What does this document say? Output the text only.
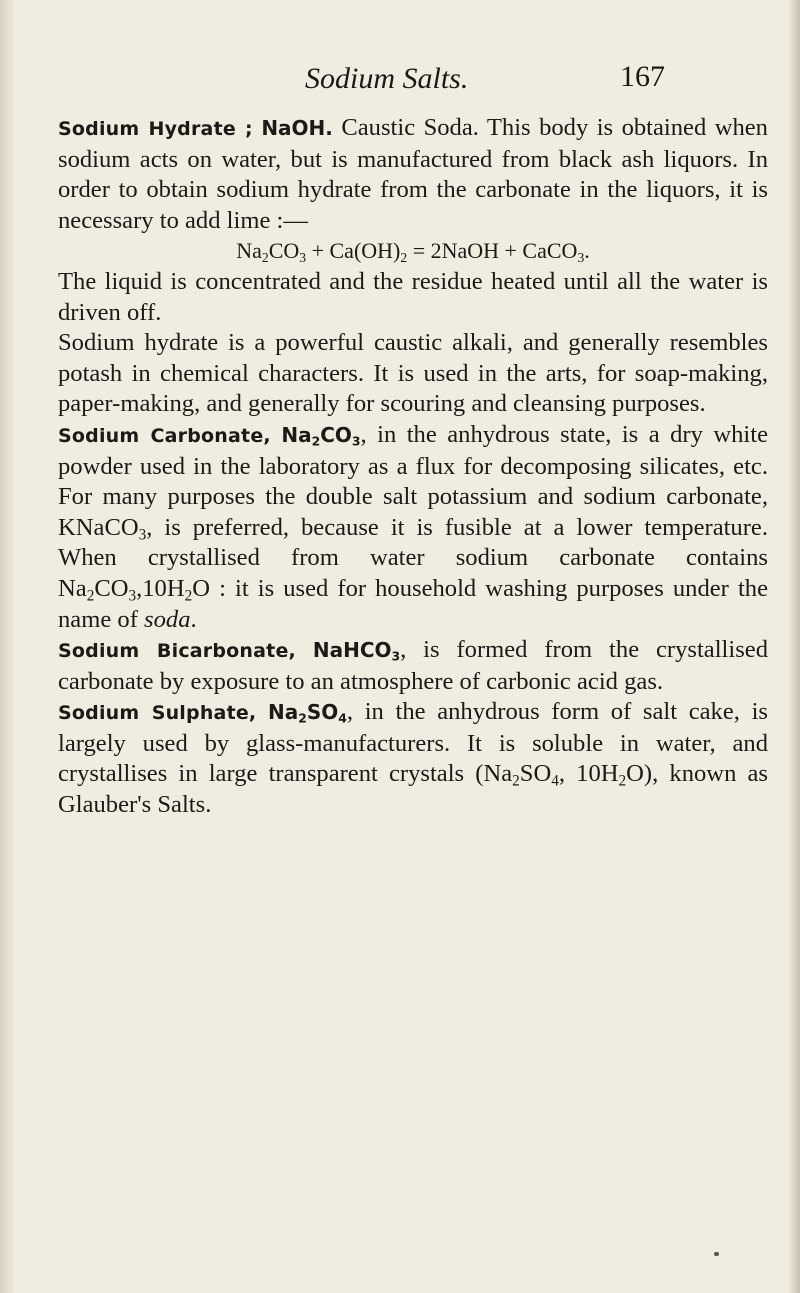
Sodium Salts.	167

Sodium Hydrate ; NaOH. Caustic Soda. This body is obtained when sodium acts on water, but is manufactured from black ash liquors. In order to obtain sodium hydrate from the carbonate in the liquors, it is necessary to add lime :—

$Na_2CO_3 + Ca(OH)_2$ = 2NaOH + CaCO$_3$.

The liquid is concentrated and the residue heated until all the water is driven off.

Sodium hydrate is a powerful caustic alkali, and generally resembles potash in chemical characters. It is used in the arts, for soap-making, paper-making, and generally for scouring and cleansing purposes.

Sodium Carbonate, $Na_2CO_3$, in the anhydrous state, is a dry white powder used in the laboratory as a flux for decomposing silicates, etc. For many purposes the double salt potassium and sodium carbonate, KNaCO$_3$, is preferred, because it is fusible at a lower temperature. When crystallised from water sodium carbonate contains $Na_2CO_3,10H_2O$ : it is used for household washing purposes under the name of soda.

Sodium Bicarbonate, NaHCO$_3$, is formed from the crystallised carbonate by exposure to an atmosphere of carbonic acid gas.

Sodium Sulphate, $Na_2SO_4$, in the anhydrous form of salt cake, is largely used by glass-manufacturers. It is soluble in water, and crystallises in large transparent crystals ($Na_2SO_4$, $10H_2O$), known as Glauber's Salts.
